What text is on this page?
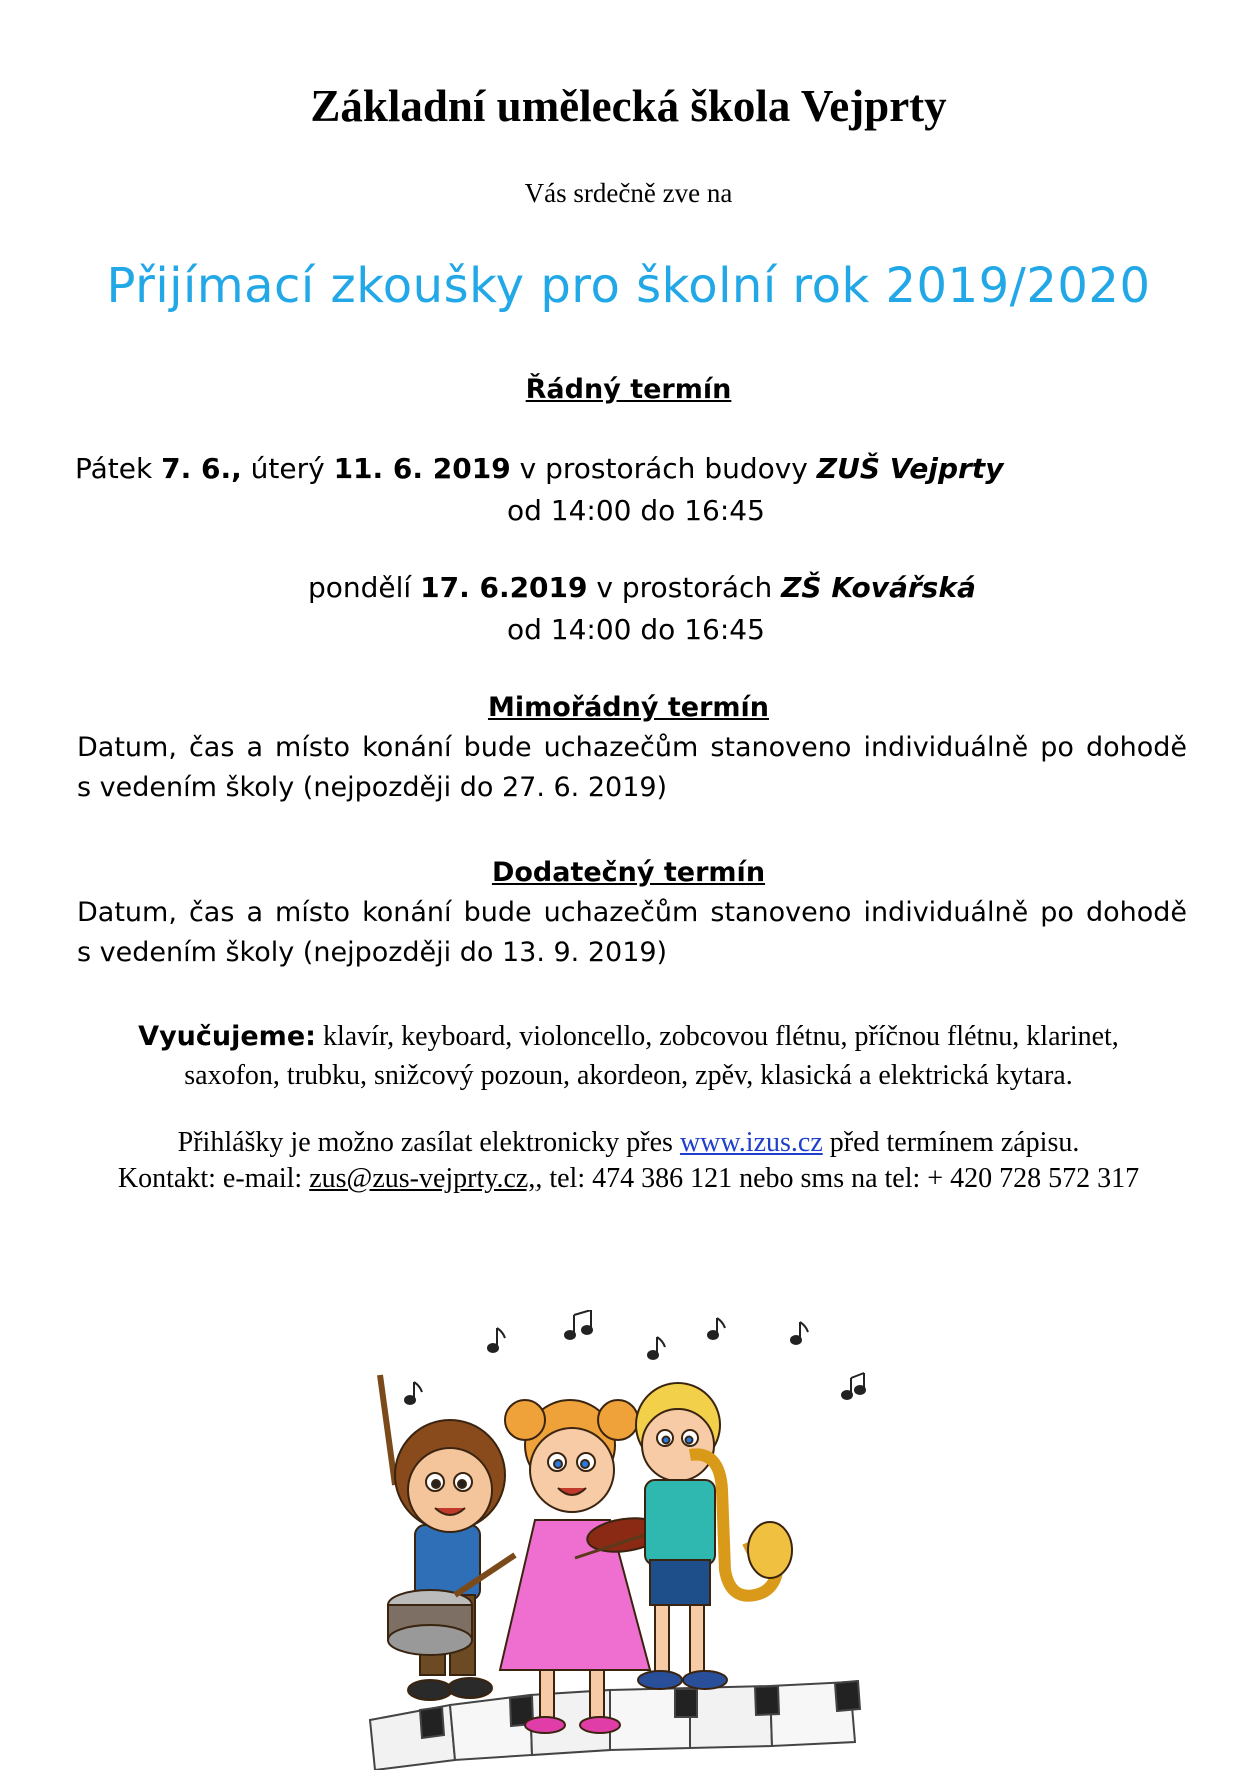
Základní umělecká škola Vejprty
Vás srdečně zve na
Přijímací zkoušky pro školní rok 2019/2020
Řádný termín
Pátek 7. 6., úterý 11. 6. 2019 v prostorách budovy ZUŠ Vejprty
od 14:00 do 16:45
pondělí 17. 6.2019 v prostorách ZŠ Kovářská
od 14:00 do 16:45
Mimořádný termín
Datum, čas a místo konání bude uchazečům stanoveno individuálně po dohodě
s vedením školy (nejpozději do 27. 6. 2019)
Dodatečný termín
Datum, čas a místo konání bude uchazečům stanoveno individuálně po dohodě
s vedením školy (nejpozději do 13. 9. 2019)
Vyučujeme: klavír, keyboard, violoncello, zobcovou flétnu, příčnou flétnu, klarinet,
saxofon, trubku, snižcový pozoun, akordeon, zpěv, klasická a elektrická kytara.
Přihlášky je možno zasílat elektronicky přes www.izus.cz před termínem zápisu.
Kontakt: e-mail: zus@zus-vejprty.cz,, tel: 474 386 121 nebo sms na tel: + 420 728 572 317
